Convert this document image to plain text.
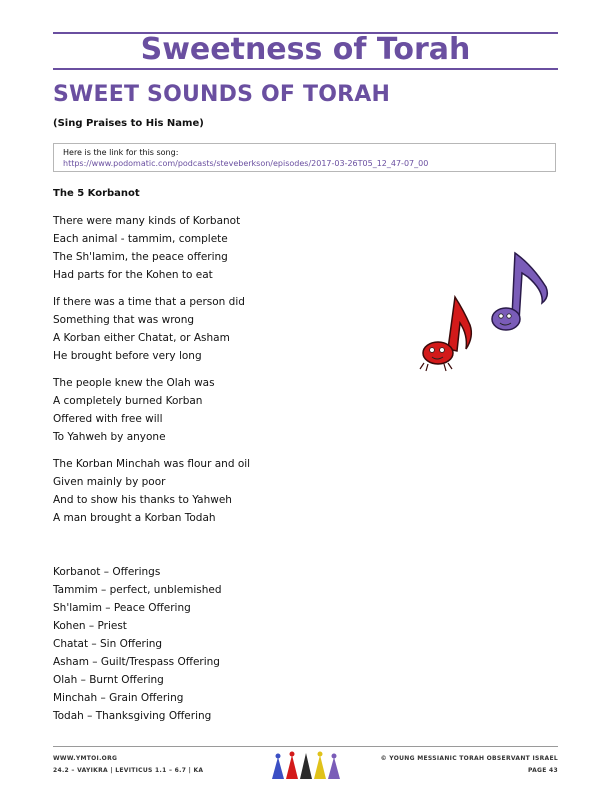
Sweetness of Torah
SWEET SOUNDS OF TORAH
(Sing Praises to His Name)
Here is the link for this song:
https://www.podomatic.com/podcasts/steveberkson/episodes/2017-03-26T05_12_47-07_00
The 5 Korbanot
There were many kinds of Korbanot
Each animal - tammim, complete
The Sh'lamim, the peace offering
Had parts for the Kohen to eat
If there was a time that a person did
Something that was wrong
A Korban either Chatat, or Asham
He brought before very long
The people knew the Olah was
A completely burned Korban
Offered with free will
To Yahweh by anyone
The Korban Minchah was flour and oil
Given mainly by poor
And to show his thanks to Yahweh
A man brought a Korban Todah
Korbanot – Offerings
Tammim – perfect, unblemished
Sh'lamim – Peace Offering
Kohen – Priest
Chatat – Sin Offering
Asham – Guilt/Trespass Offering
Olah – Burnt Offering
Minchah – Grain Offering
Todah – Thanksgiving Offering
WWW.YMTOI.ORG
24.2 – VAYIKRA | LEVITICUS 1.1 – 6.7 | KA
© YOUNG MESSIANIC TORAH OBSERVANT ISRAEL
PAGE 43
